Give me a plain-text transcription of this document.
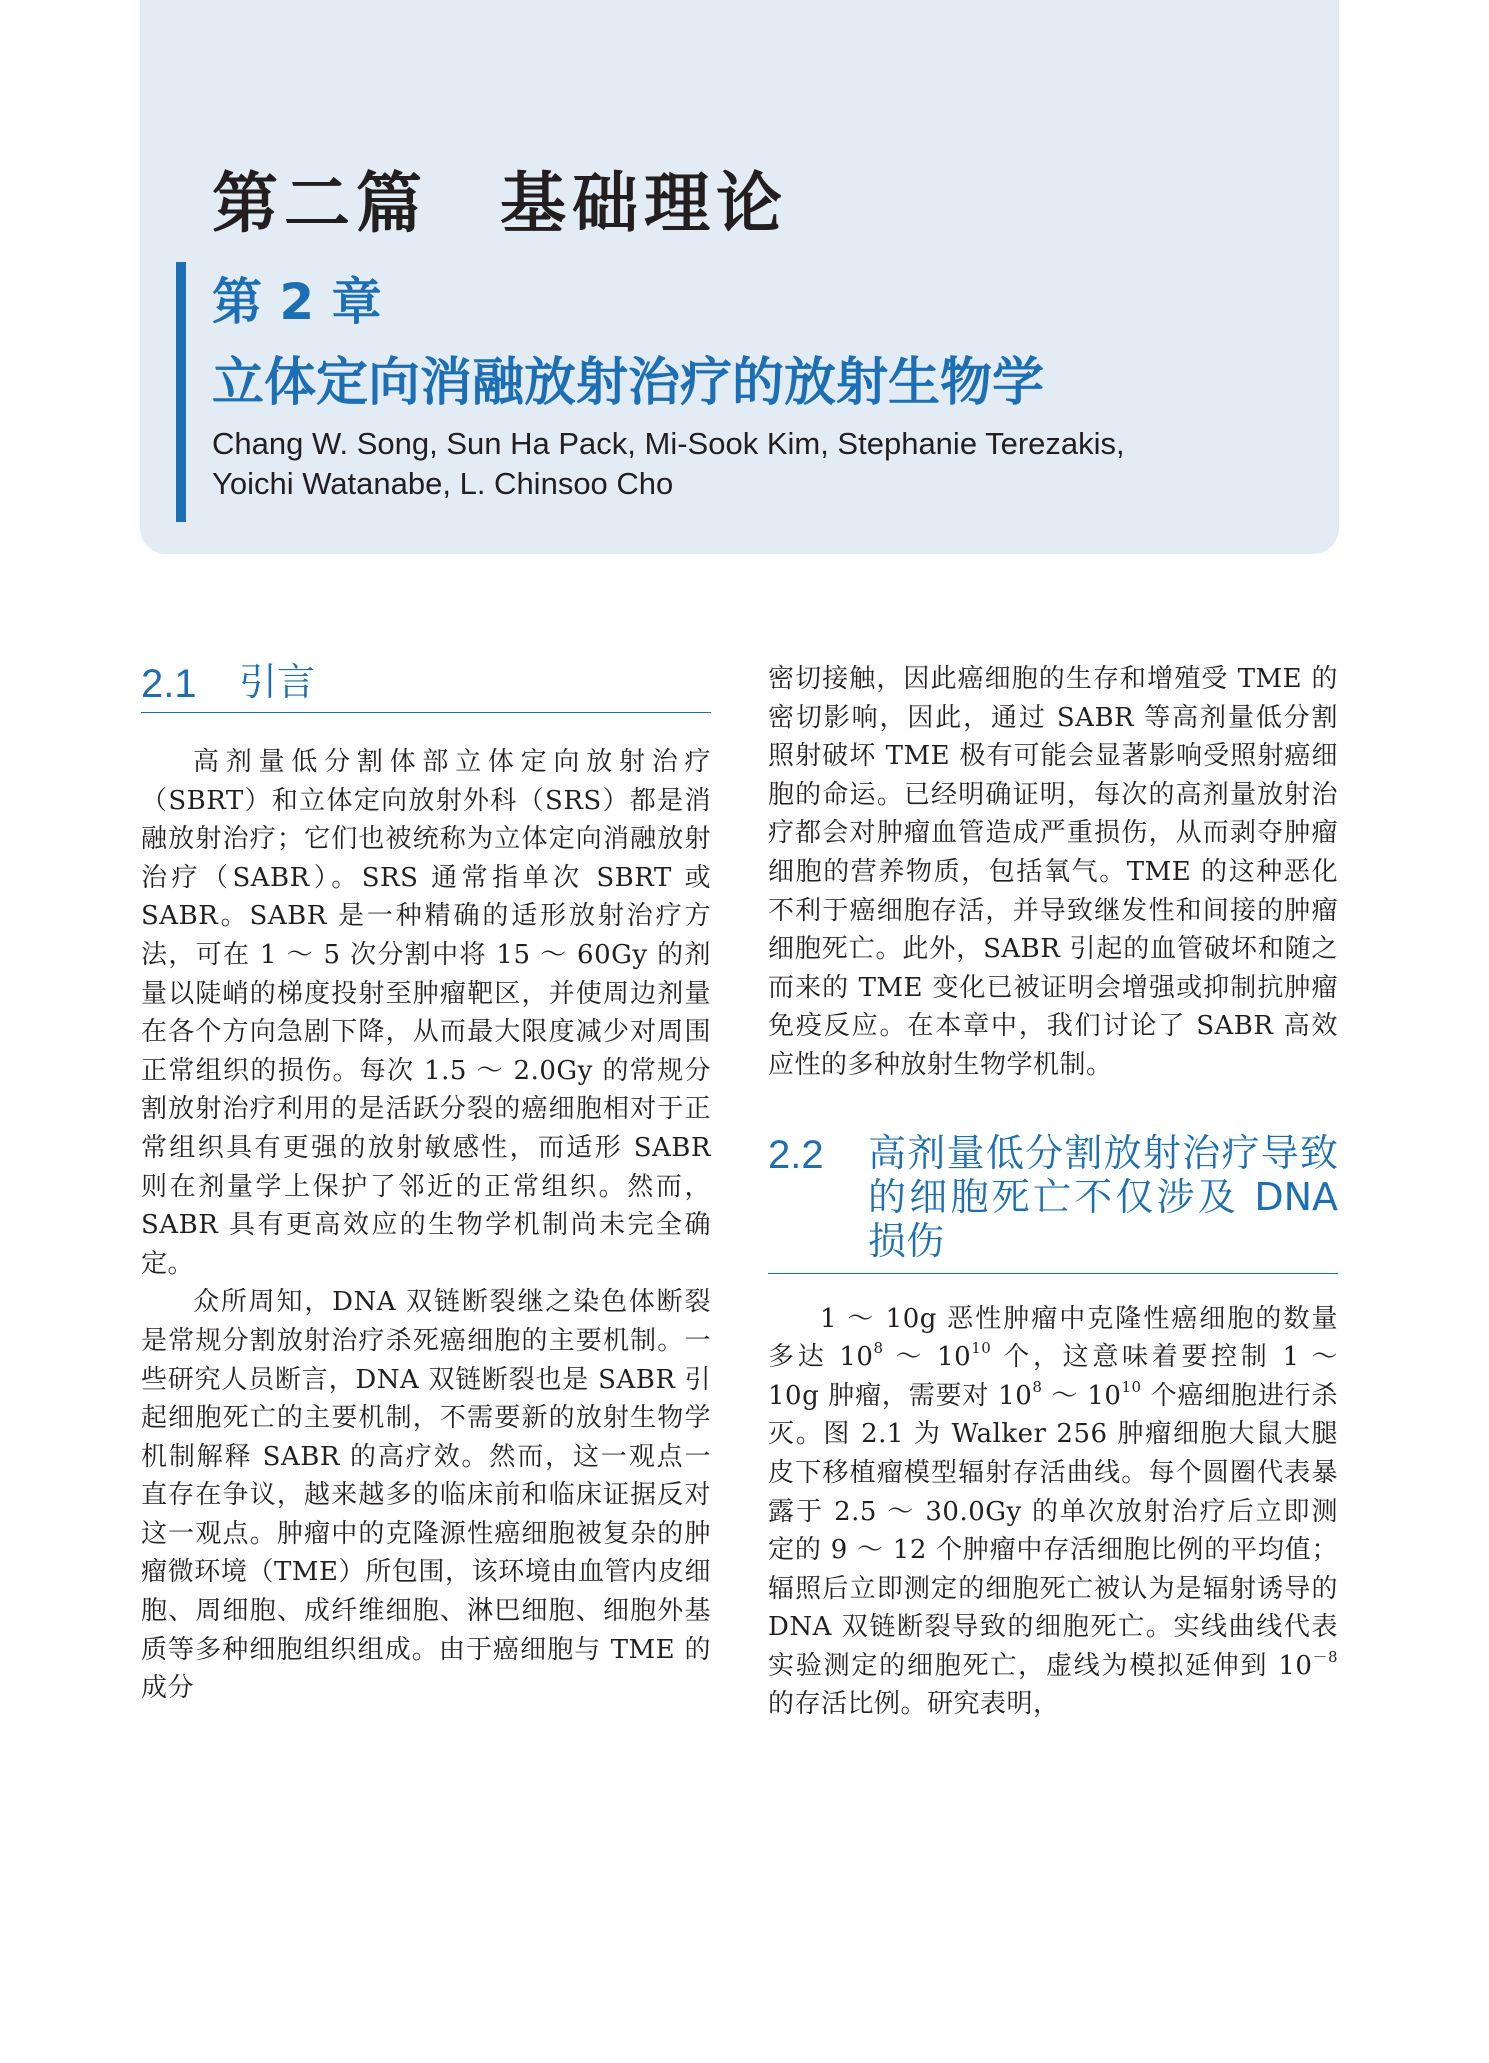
第二篇　基础理论
第 2 章
立体定向消融放射治疗的放射生物学
Chang W. Song, Sun Ha Pack, Mi-Sook Kim, Stephanie Terezakis,
Yoichi Watanabe, L. Chinsoo Cho
2.1	引言

高剂量低分割体部立体定向放射治疗（SBRT）和立体定向放射外科（SRS）都是消融放射治疗；它们也被统称为立体定向消融放射治疗（SABR）。SRS 通常指单次 SBRT 或 SABR。SABR 是一种精确的适形放射治疗方法，可在 1 ～ 5 次分割中将 15 ～ 60Gy 的剂量以陡峭的梯度投射至肿瘤靶区，并使周边剂量在各个方向急剧下降，从而最大限度减少对周围正常组织的损伤。每次 1.5 ～ 2.0Gy 的常规分割放射治疗利用的是活跃分裂的癌细胞相对于正常组织具有更强的放射敏感性，而适形 SABR 则在剂量学上保护了邻近的正常组织。然而，SABR 具有更高效应的生物学机制尚未完全确定。

众所周知，DNA 双链断裂继之染色体断裂是常规分割放射治疗杀死癌细胞的主要机制。一些研究人员断言，DNA 双链断裂也是 SABR 引起细胞死亡的主要机制，不需要新的放射生物学机制解释 SABR 的高疗效。然而，这一观点一直存在争议，越来越多的临床前和临床证据反对这一观点。肿瘤中的克隆源性癌细胞被复杂的肿瘤微环境（TME）所包围，该环境由血管内皮细胞、周细胞、成纤维细胞、淋巴细胞、细胞外基质等多种细胞组织组成。由于癌细胞与 TME 的成分

密切接触，因此癌细胞的生存和增殖受 TME 的密切影响，因此，通过 SABR 等高剂量低分割照射破坏 TME 极有可能会显著影响受照射癌细胞的命运。已经明确证明，每次的高剂量放射治疗都会对肿瘤血管造成严重损伤，从而剥夺肿瘤细胞的营养物质，包括氧气。TME 的这种恶化不利于癌细胞存活，并导致继发性和间接的肿瘤细胞死亡。此外，SABR 引起的血管破坏和随之而来的 TME 变化已被证明会增强或抑制抗肿瘤免疫反应。在本章中，我们讨论了 SABR 高效应性的多种放射生物学机制。

2.2	高剂量低分割放射治疗导致的细胞死亡不仅涉及 DNA 损伤

1 ～ 10g 恶性肿瘤中克隆性癌细胞的数量多达 $10^8$ ～ $10^{10}$ 个，这意味着要控制 1 ～ 10g 肿瘤，需要对 $10^8$ ～ $10^{10}$ 个癌细胞进行杀灭。图 2.1 为 Walker 256 肿瘤细胞大鼠大腿皮下移植瘤模型辐射存活曲线。每个圆圈代表暴露于 2.5 ～ 30.0Gy 的单次放射治疗后立即测定的 9 ～ 12 个肿瘤中存活细胞比例的平均值；辐照后立即测定的细胞死亡被认为是辐射诱导的 DNA 双链断裂导致的细胞死亡。实线曲线代表实验测定的细胞死亡，虚线为模拟延伸到 $10^{-8}$的存活比例。研究表明，
